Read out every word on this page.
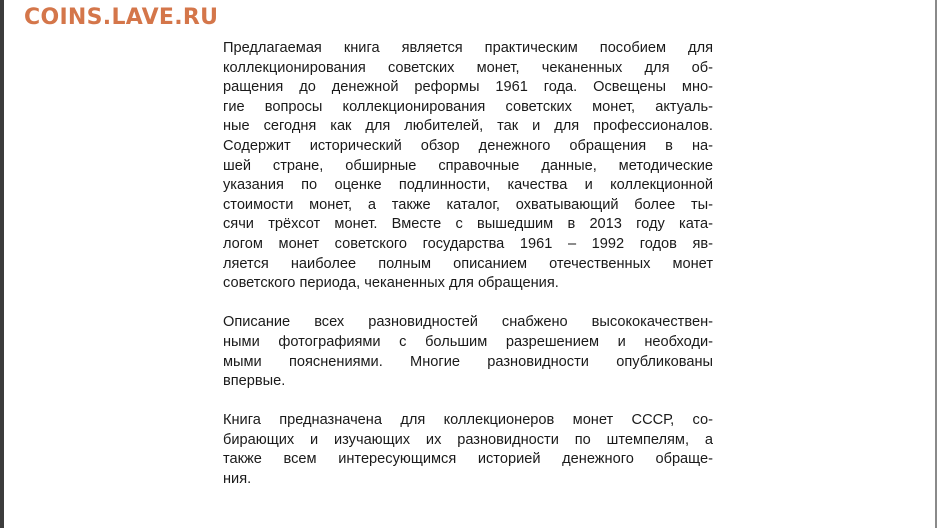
COINS.LAVE.RU

Предлагаемая книга является практическим пособием для
коллекционирования советских монет, чеканенных для об-
ращения до денежной реформы 1961 года. Освещены мно-
гие вопросы коллекционирования советских монет, актуаль-
ные сегодня как для любителей, так и для профессионалов.
Содержит исторический обзор денежного обращения в на-
шей стране, обширные справочные данные, методические
указания по оценке подлинности, качества и коллекционной
стоимости монет, а также каталог, охватывающий более ты-
сячи трёхсот монет. Вместе с вышедшим в 2013 году ката-
логом монет советского государства 1961 – 1992 годов яв-
ляется наиболее полным описанием отечественных монет
советского периода, чеканенных для обращения.

Описание всех разновидностей снабжено высококачествен-
ными фотографиями с большим разрешением и необходи-
мыми пояснениями. Многие разновидности опубликованы
впервые.

Книга предназначена для коллекционеров монет СССР, со-
бирающих и изучающих их разновидности по штемпелям, а
также всем интересующимся историей денежного обраще-
ния.
